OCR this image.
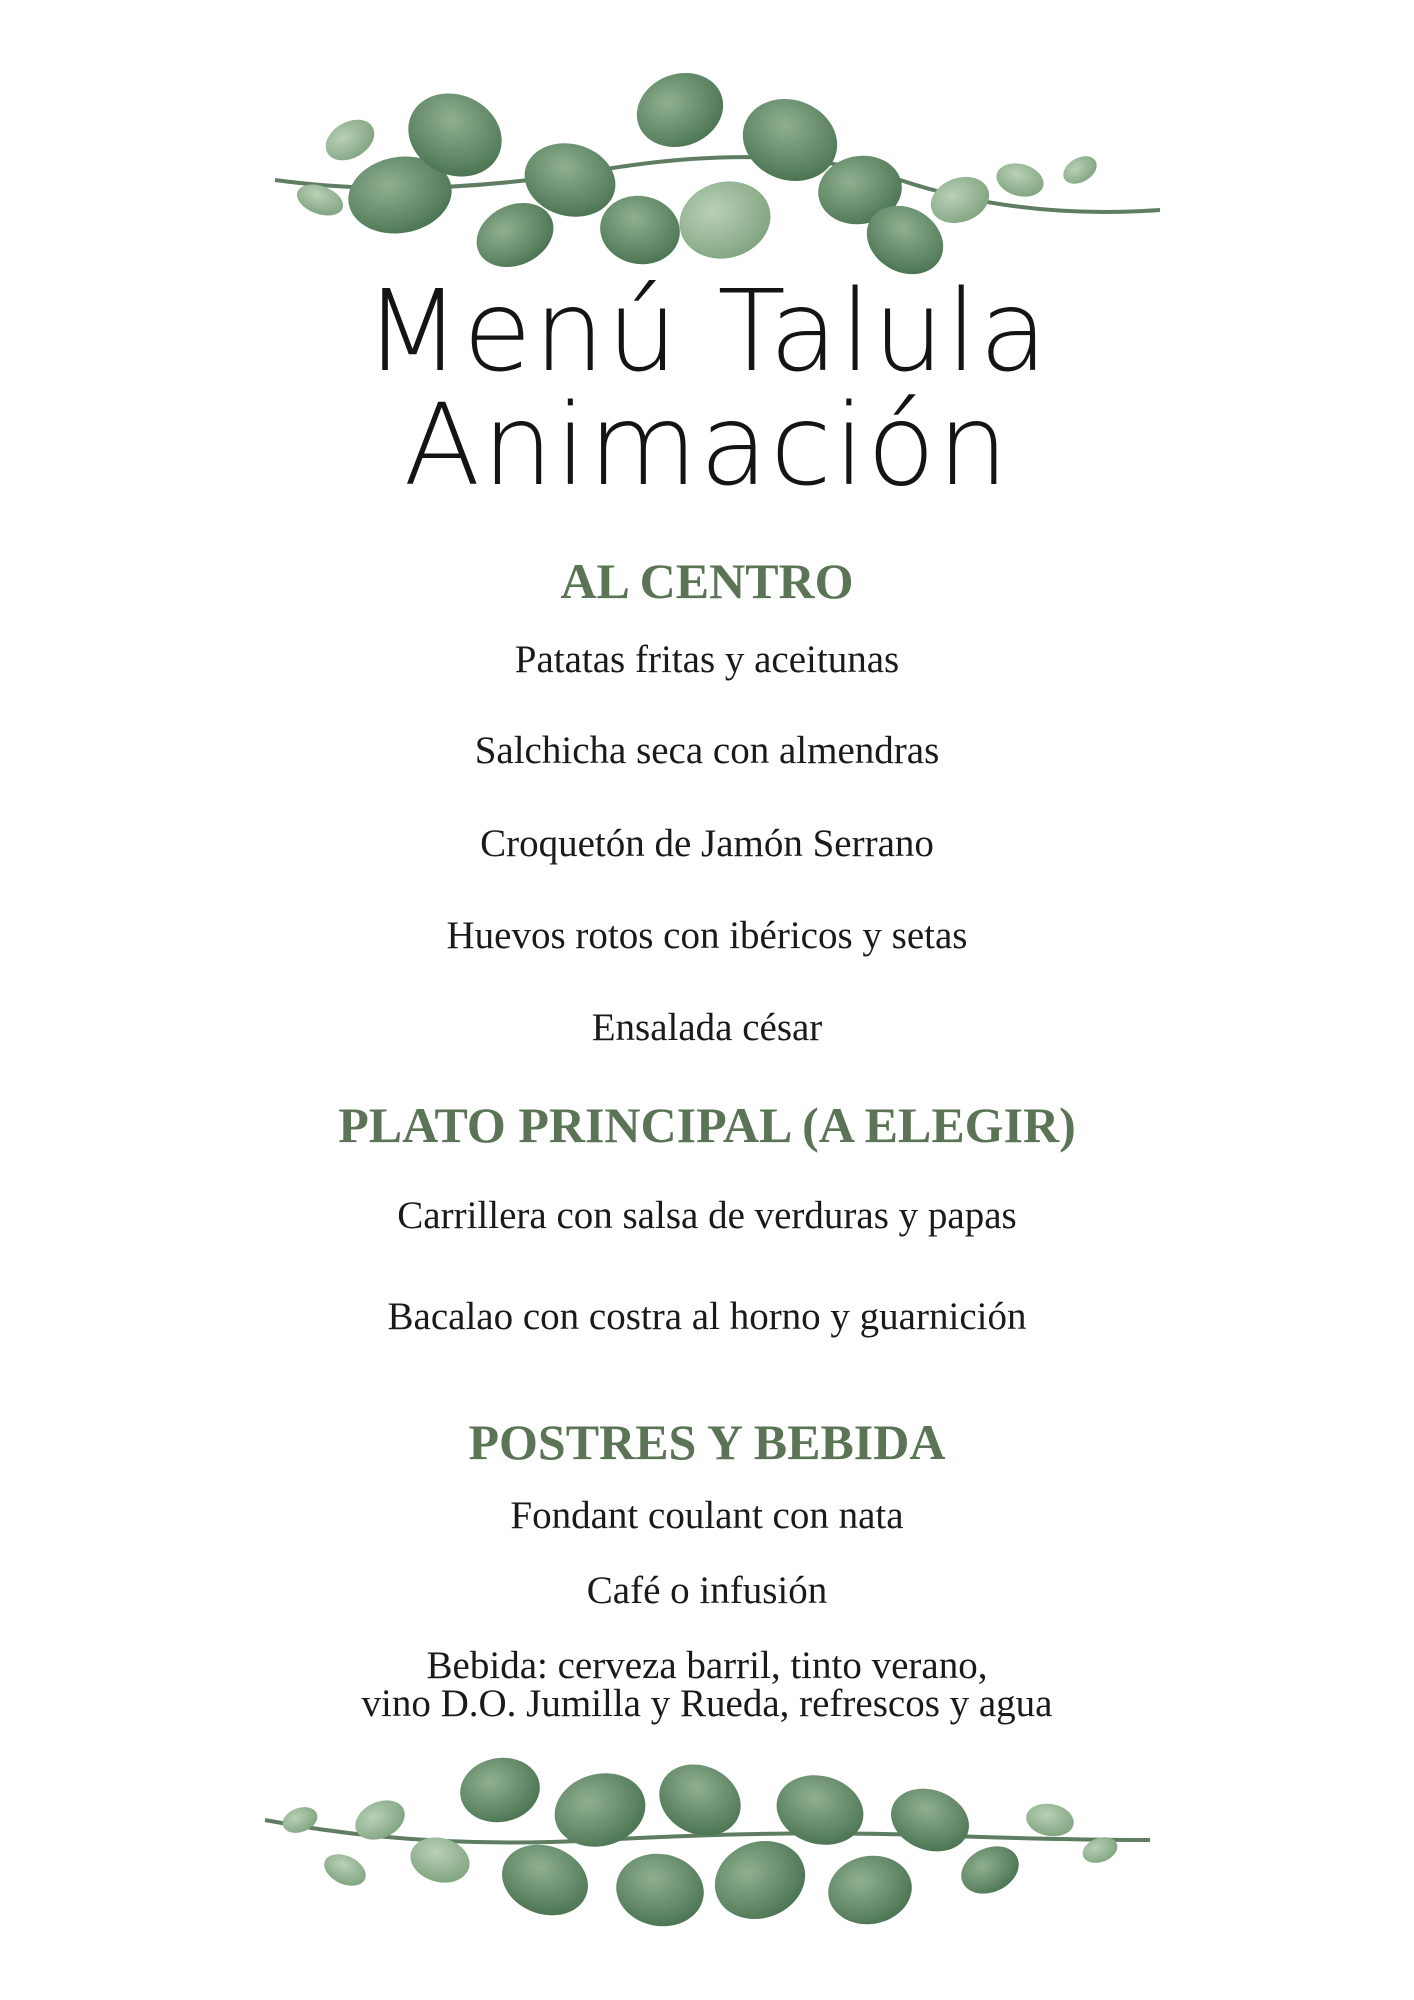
Menú Talula
Animación
AL CENTRO

Patatas fritas y aceitunas

Salchicha seca con almendras

Croquetón de Jamón Serrano

Huevos rotos con ibéricos y setas

Ensalada césar

PLATO PRINCIPAL (A ELEGIR)

Carrillera con salsa de verduras y papas

Bacalao con costra al horno y guarnición

POSTRES Y BEBIDA

Fondant coulant con nata

Café o infusión

Bebida: cerveza barril, tinto verano,
vino D.O. Jumilla y Rueda, refrescos y agua
